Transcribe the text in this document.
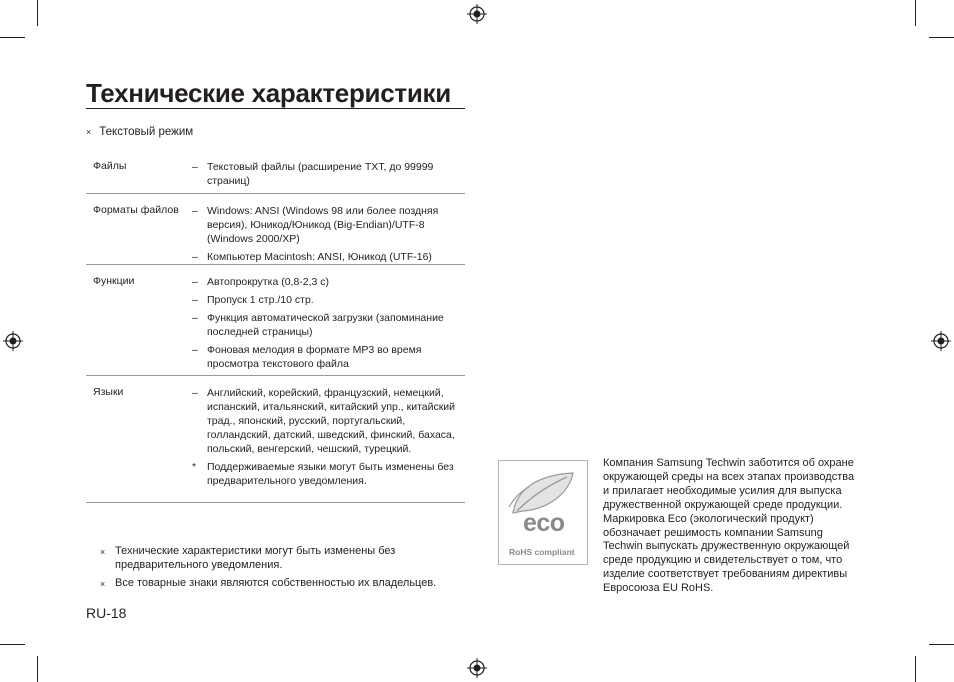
Технические характеристики
× Текстовый режим
Файлы	– Текстовый файлы (расширение TXT, до 99999 страниц)
Форматы файлов – Windows: ANSI (Windows 98 или более поздняя версия), Юникод/Юникод (Big-Endian)/UTF-8 (Windows 2000/XP)
– Компьютер Macintosh: ANSI, Юникод (UTF-16)
Функции	– Автопрокрутка (0,8-2,3 с)
– Пропуск 1 стр./10 стр.
– Функция автоматической загрузки (запоминание последней страницы)
– Фоновая мелодия в формате MP3 во время просмотра текстового файла
Языки	– Английский, корейский, французский, немецкий, испанский, итальянский, китайский упр., китайский трад., японский, русский, португальский, голландский, датский, шведский, финский, бахаса, польский, венгерский, чешский, турецкий.
* Поддерживаемые языки могут быть изменены без предварительного уведомления.
× Технические характеристики могут быть изменены без предварительного уведомления.
× Все товарные знаки являются собственностью их владельцев.
RU-18
eco
RoHS compliant
Компания Samsung Techwin заботится об охране окружающей среды на всех этапах производства и прилагает необходимые усилия для выпуска дружественной окружающей среде продукции. Маркировка Eco (экологический продукт) обозначает решимость компании Samsung Techwin выпускать дружественную окружающей среде продукцию и свидетельствует о том, что изделие соответствует требованиям директивы Евросоюза EU RoHS.
